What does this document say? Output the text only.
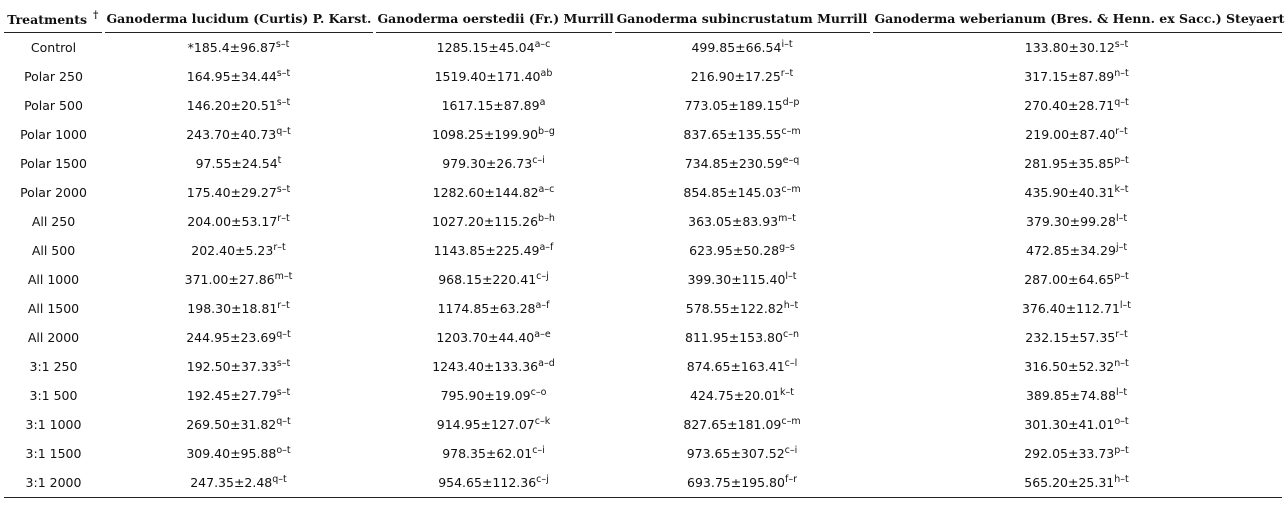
Treatments †	Ganoderma lucidum (Curtis) P. Karst.	Ganoderma oerstedii (Fr.) Murrill	Ganoderma subincrustatum Murrill	Ganoderma weberianum (Bres. & Henn. ex Sacc.) Steyaert
Control	$*185.4\pm 96.87^{s-t}$	$1285.15\pm 45.04^{a-c}$	$499.85\pm 66.54^{i-t}$	$133.80\pm 30.12^{s-t}$
Polar 250	$164.95\pm 34.44^{s-t}$	1519.40±171.40$^{ab}$	$216.90\pm 17.25^{r-t}$	$317.15\pm 87.89^{n-t}$
Polar 500	$146.20\pm 20.51^{s-t}$	1617.15±87.89$^a$	$773.05\pm 189.15^{d-p}$	$270.40\pm 28.71^{q-t}$
Polar 1000	$243.70\pm 40.73^{q-t}$	$1098.25\pm 199.90^{b-g}$	$837.65\pm 135.55^{c-m}$	$219.00\pm 87.40^{r-t}$
Polar 1500	$97.55\pm 24.54^t$	$979.30\pm 26.73^{c-i}$	$734.85\pm 230.59^{e-q}$	$281.95\pm 35.85^{p-t}$
Polar 2000	$175.40\pm 29.27^{s-t}$	$1282.60\pm 144.82^{a-c}$	$854.85\pm 145.03^{c-m}$	$435.90\pm 40.31^{k-t}$
All 250	$204.00\pm 53.17^{r-t}$	$1027.20\pm 115.26^{b-h}$	$363.05\pm 83.93^{m-t}$	$379.30\pm 99.28^{l-t}$
All 500	$202.40\pm 5.23^{r-t}$	$1143.85\pm 225.49^{a-f}$	$623.95\pm 50.28^{g-s}$	$472.85\pm 34.29^{j-t}$
All 1000	$371.00\pm 27.86^{m-t}$	$968.15\pm 220.41^{c-j}$	$399.30\pm 115.40^{l-t}$	$287.00\pm 64.65^{p-t}$
All 1500	$198.30\pm 18.81^{r-t}$	$1174.85\pm 63.28^{a-f}$	$578.55\pm 122.82^{h-t}$	$376.40\pm 112.71^{l-t}$
All 2000	$244.95\pm 23.69^{q-t}$	$1203.70\pm 44.40^{a-e}$	$811.95\pm 153.80^{c-n}$	$232.15\pm 57.35^{r-t}$
3:1 250	$192.50\pm 37.33^{s-t}$	$1243.40\pm 133.36^{a-d}$	$874.65\pm 163.41^{c-l}$	$316.50\pm 52.32^{n-t}$
3:1 500	$192.45\pm 27.79^{s-t}$	$795.90\pm 19.09^{c-o}$	$424.75\pm 20.01^{k-t}$	$389.85\pm 74.88^{l-t}$
3:1 1000	$269.50\pm 31.82^{q-t}$	$914.95\pm 127.07^{c-k}$	$827.65\pm 181.09^{c-m}$	$301.30\pm 41.01^{o-t}$
3:1 1500	$309.40\pm 95.88^{o-t}$	$978.35\pm 62.01^{c-i}$	$973.65\pm 307.52^{c-i}$	$292.05\pm 33.73^{p-t}$
3:1 2000	$247.35\pm 2.48^{q-t}$	$954.65\pm 112.36^{c-j}$	$693.75\pm 195.80^{f-r}$	$565.20\pm 25.31^{h-t}$
